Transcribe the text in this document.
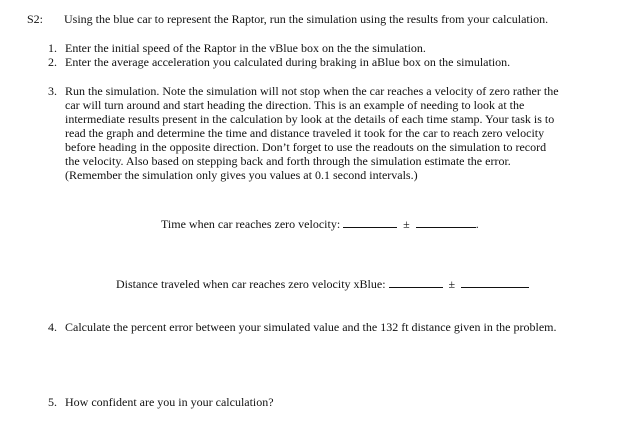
S2: Using the blue car to represent the Raptor, run the simulation using the results from your calculation.
1. Enter the initial speed of the Raptor in the vBlue box on the the simulation.
2. Enter the average acceleration you calculated during braking in aBlue box on the simulation.
3. Run the simulation. Note the simulation will not stop when the car reaches a velocity of zero rather the
car will turn around and start heading the direction. This is an example of needing to look at the
intermediate results present in the calculation by look at the details of each time stamp. Your task is to
read the graph and determine the time and distance traveled it took for the car to reach zero velocity
before heading in the opposite direction. Don’t forget to use the readouts on the simulation to record
the velocity. Also based on stepping back and forth through the simulation estimate the error.
(Remember the simulation only gives you values at 0.1 second intervals.)
Time when car reaches zero velocity:	±	.
Distance traveled when car reaches zero velocity xBlue:	±
4. Calculate the percent error between your simulated value and the 132 ft distance given in the problem.
5. How confident are you in your calculation?
